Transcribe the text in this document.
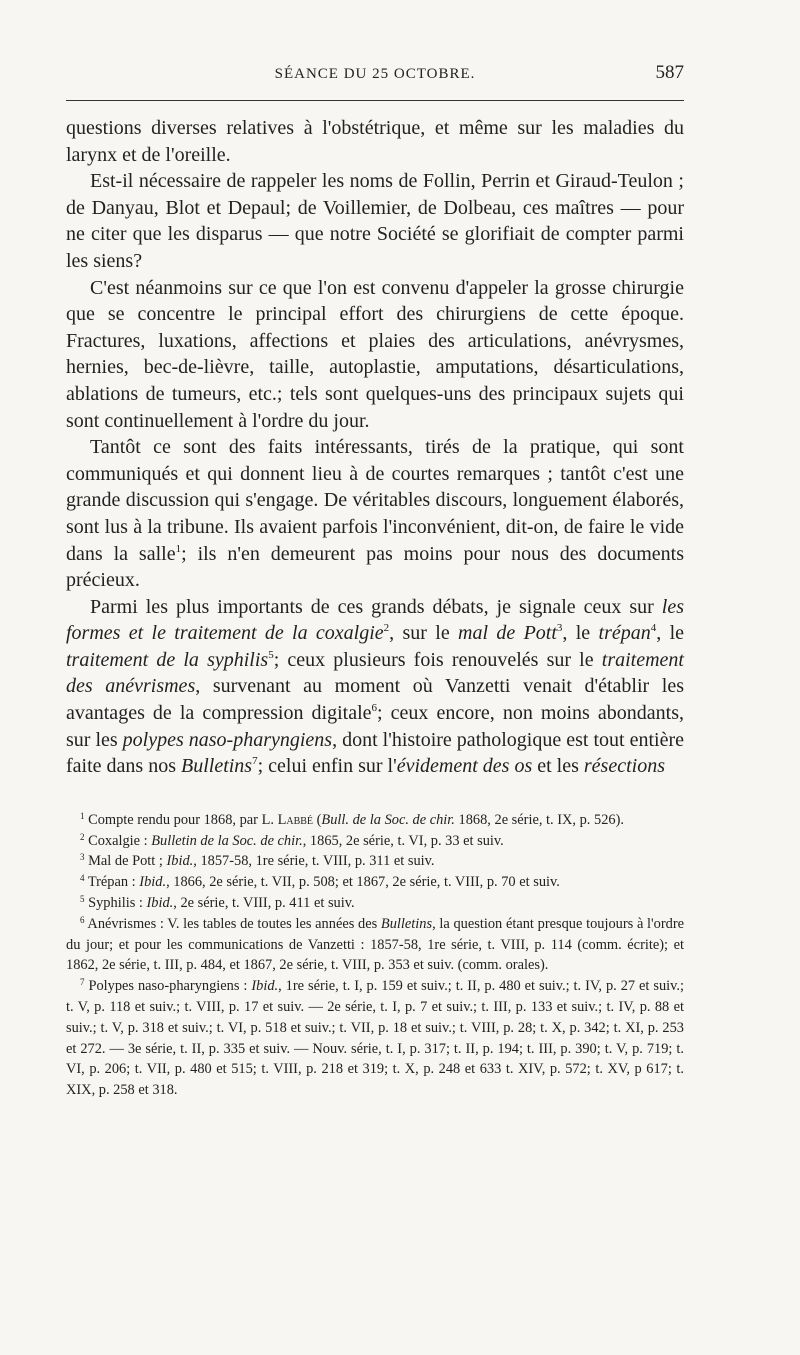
SÉANCE DU 25 OCTOBRE.	587

questions diverses relatives à l'obstétrique, et même sur les maladies du larynx et de l'oreille.

Est-il nécessaire de rappeler les noms de Follin, Perrin et Giraud-Teulon ; de Danyau, Blot et Depaul; de Voillemier, de Dolbeau, ces maîtres — pour ne citer que les disparus — que notre Société se glorifiait de compter parmi les siens?

C'est néanmoins sur ce que l'on est convenu d'appeler la grosse chirurgie que se concentre le principal effort des chirurgiens de cette époque. Fractures, luxations, affections et plaies des articulations, anévrysmes, hernies, bec-de-lièvre, taille, autoplastie, amputations, désarticulations, ablations de tumeurs, etc.; tels sont quelques-uns des principaux sujets qui sont continuellement à l'ordre du jour.

Tantôt ce sont des faits intéressants, tirés de la pratique, qui sont communiqués et qui donnent lieu à de courtes remarques ; tantôt c'est une grande discussion qui s'engage. De véritables discours, longuement élaborés, sont lus à la tribune. Ils avaient parfois l'inconvénient, dit-on, de faire le vide dans la salle$^1$; ils n'en demeurent pas moins pour nous des documents précieux.

Parmi les plus importants de ces grands débats, je signale ceux sur les formes et le traitement de la coxalgie$^2$, sur le mal de Pott$^3$, le trépan$^4$, le traitement de la syphilis$^5$; ceux plusieurs fois renouvelés sur le traitement des anévrismes, survenant au moment où Vanzetti venait d'établir les avantages de la compression digitale$^6$; ceux encore, non moins abondants, sur les polypes naso-pharyngiens, dont l'histoire pathologique est tout entière faite dans nos Bulletins$^7$; celui enfin sur l'évidement des os et les résections

$^1$ Compte rendu pour 1868, par L. Labbé (Bull. de la Soc. de chir. 1868, 2e série, t. IX, p. 526).

$^2$ Coxalgie : Bulletin de la Soc. de chir., 1865, 2e série, t. VI, p. 33 et suiv.

$^3$ Mal de Pott ; Ibid., 1857-58, 1re série, t. VIII, p. 311 et suiv.

$^4$ Trépan : Ibid., 1866, 2e série, t. VII, p. 508; et 1867, 2e série, t. VIII, p. 70 et suiv.

$^5$ Syphilis : Ibid., 2e série, t. VIII, p. 411 et suiv.

$^6$ Anévrismes : V. les tables de toutes les années des Bulletins, la question étant presque toujours à l'ordre du jour; et pour les communications de Vanzetti : 1857-58, 1re série, t. VIII, p. 114 (comm. écrite); et 1862, 2e série, t. III, p. 484, et 1867, 2e série, t. VIII, p. 353 et suiv. (comm. orales).

$^7$ Polypes naso-pharyngiens : Ibid., 1re série, t. I, p. 159 et suiv.; t. II, p. 480 et suiv.; t. IV, p. 27 et suiv.; t. V, p. 118 et suiv.; t. VIII, p. 17 et suiv. — 2e série, t. I, p. 7 et suiv.; t. III, p. 133 et suiv.; t. IV, p. 88 et suiv.; t. V, p. 318 et suiv.; t. VI, p. 518 et suiv.; t. VII, p. 18 et suiv.; t. VIII, p. 28; t. X, p. 342; t. XI, p. 253 et 272. — 3e série, t. II, p. 335 et suiv. — Nouv. série, t. I, p. 317; t. II, p. 194; t. III, p. 390; t. V, p. 719; t. VI, p. 206; t. VII, p. 480 et 515; t. VIII, p. 218 et 319; t. X, p. 248 et 633 t. XIV, p. 572; t. XV, p 617; t. XIX, p. 258 et 318.
